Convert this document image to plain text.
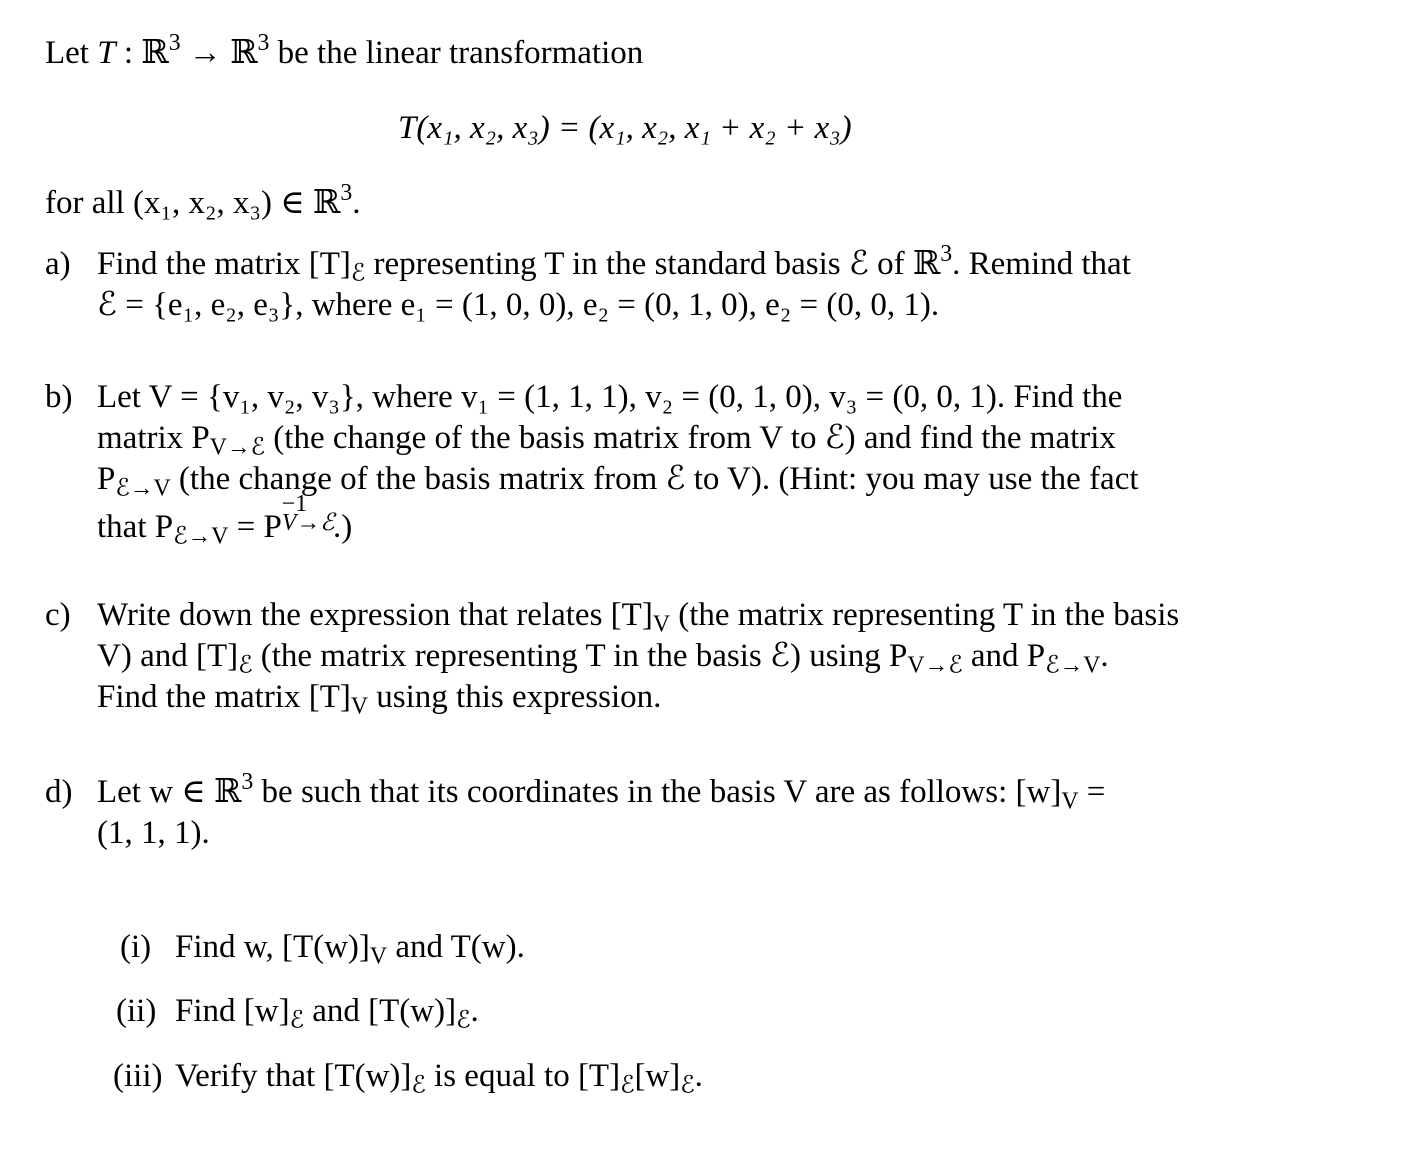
Let T : ℝ$^3$ → ℝ$^3$ be the linear transformation
T(x₁, x₂, x₃) = (x₁, x₂, x₁ + x₂ + x₃)
for all (x₁, x₂, x₃) ∈ ℝ$^3$.
a) Find the matrix $[T]_ℰ$ representing T in the standard basis ℰ of ℝ$^3$. Remind that
ℰ = {e₁, e₂, e₃}, where e₁ = (1, 0, 0), e₂ = (0, 1, 0), e₂ = (0, 0, 1).
b) Let V = {v₁, v₂, v₃}, where v₁ = (1, 1, 1), v₂ = (0, 1, 0), v₃ = (0, 0, 1). Find the
matrix $P_{V\to ℰ}$ (the change of the basis matrix from V to ℰ) and find the matrix
$P_{ℰ\to V}$ (the change of the basis matrix from ℰ to V). (Hint: you may use the fact
that $P_{ℰ\to V} = P$
−1
V→ℰ
.)
c) Write down the expression that relates $[T]_V$ (the matrix representing T in the basis
V) and $[T]_ℰ$ (the matrix representing T in the basis ℰ) using $P_{V\to ℰ}$ and $P_{ℰ\to V}$.
Find the matrix $[T]_V$ using this expression.
d) Let w ∈ ℝ$^3$ be such that its coordinates in the basis V are as follows: $[w]_V$ =
(1, 1, 1).
(i) Find w, $[T(w)]_V$ and T(w).
(ii) Find $[w]_ℰ$ and $[T(w)]_ℰ$.
(iii) Verify that $[T(w)]_ℰ$ is equal to $[T]_ℰ[w]_ℰ$.
